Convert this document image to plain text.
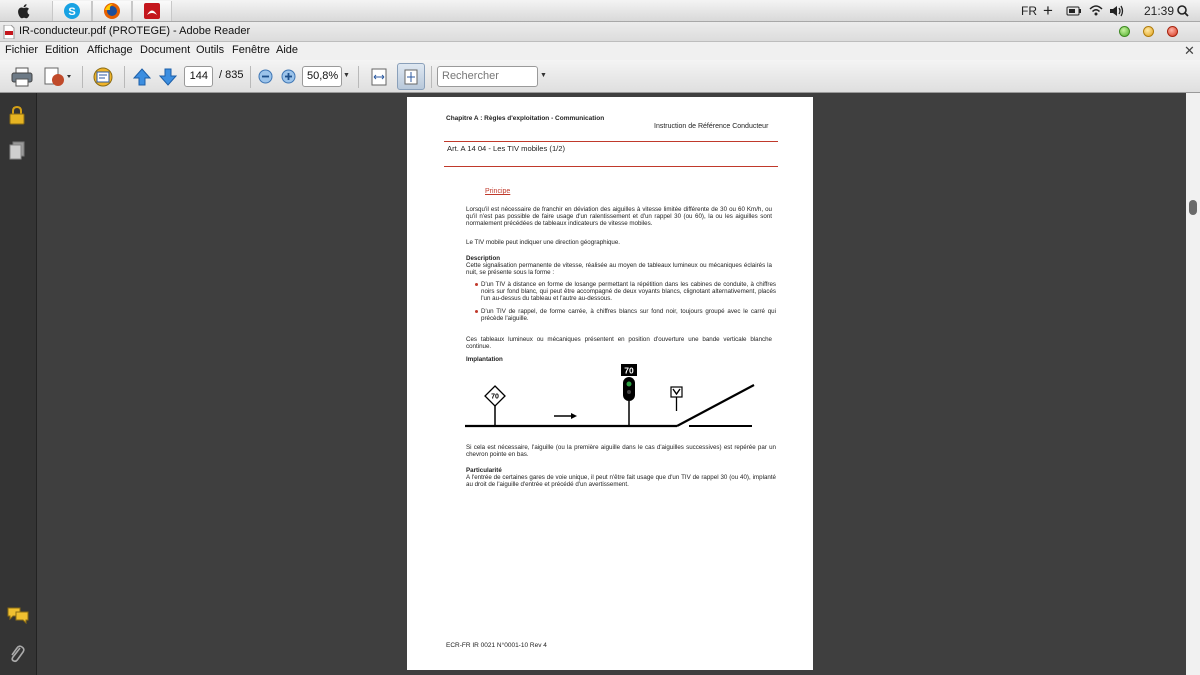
S	FR +	21:39
IR-conducteur.pdf (PROTEGE) - Adobe Reader
Fichier Edition Affichage Document Outils Fenêtre Aide	✕
144	/ 835	50,8% ▼	Rechercher	▼
Chapitre A : Règles d'exploitation - Communication
Instruction de Référence Conducteur
Art. A 14 04 - Les TIV mobiles (1/2)
Principe
Lorsqu'il est nécessaire de franchir en déviation des aiguilles à vitesse limitée différente de 30 ou 60 Km/h, ou qu'il n'est pas possible de faire usage d'un ralentissement et d'un rappel 30 (ou 60), la ou les aiguilles sont normalement précédées de tableaux indicateurs de vitesse mobiles.
Le TIV mobile peut indiquer une direction géographique.
Description
Cette signalisation permanente de vitesse, réalisée au moyen de tableaux lumineux ou mécaniques éclairés la nuit, se présente sous la forme :
D'un TIV à distance en forme de losange permettant la répétition dans les cabines de conduite, à chiffres noirs sur fond blanc, qui peut être accompagné de deux voyants blancs, clignotant alternativement, placés l'un au-dessus du tableau et l'autre au-dessous.
D'un TIV de rappel, de forme carrée, à chiffres blancs sur fond noir, toujours groupé avec le carré qui précède l'aiguille.
Ces tableaux lumineux ou mécaniques présentent en position d'ouverture une bande verticale blanche continue.
Implantation
70
70
Si cela est nécessaire, l'aiguille (ou la première aiguille dans le cas d'aiguilles successives) est repérée par un chevron pointe en bas.
Particularité
A l'entrée de certaines gares de voie unique, il peut n'être fait usage que d'un TIV de rappel 30 (ou 40), implanté au droit de l'aiguille d'entrée et précédé d'un avertissement.
ECR-FR IR 0021 N°0001-10 Rev 4
